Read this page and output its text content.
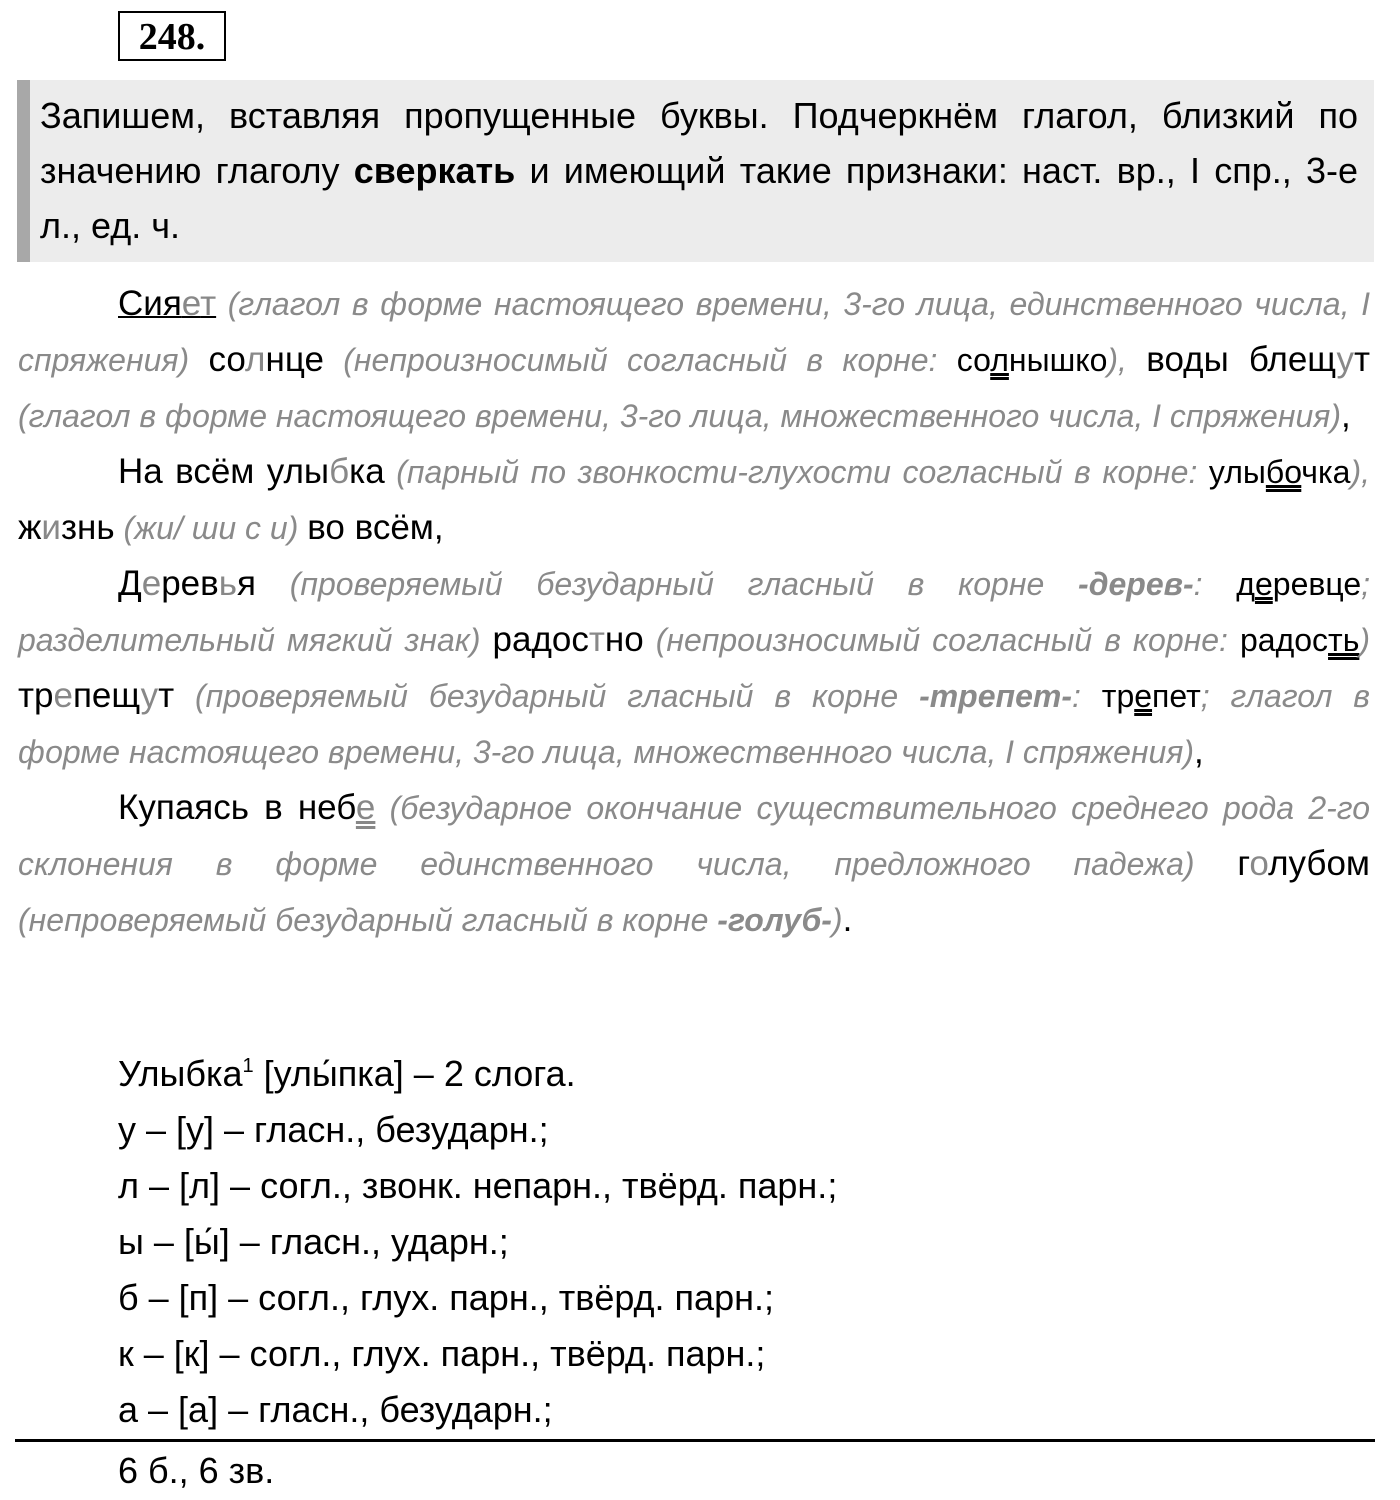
248.
Запишем, вставляя пропущенные буквы. Подчеркнём глагол, близкий по значению глаголу сверкать и имеющий такие признаки: наст. вр., I спр., 3-е л., ед. ч.

Сияет (глагол в форме настоящего времени, 3-го лица, единственного числа, I спряжения) солнце (непроизносимый согласный в корне: солнышко), воды блещут (глагол в форме настоящего времени, 3-го лица, множественного числа, I спряжения),

На всём улыбка (парный по звонкости-глухости согласный в корне: улыбочка), жизнь (жи/ ши с и) во всём,

Деревья (проверяемый безударный гласный в корне -дерев-: деревце; разделительный мягкий знак) радостно (непроизносимый согласный в корне: радость) трепещут (проверяемый безударный гласный в корне -трепет-: трепет; глагол в форме настоящего времени, 3-го лица, множественного числа, I спряжения),

Купаясь в небе (безударное окончание существительного среднего рода 2-го склонения в форме единственного числа, предложного падежа) голубом (непроверяемый безударный гласный в корне -голуб-).

Улыбка$^1$ [улы́пка] – 2 слога.
у – [у] – гласн., безударн.;
л – [л] – согл., звонк. непарн., твёрд. парн.;
ы – [ы́] – гласн., ударн.;
б – [п] – согл., глух. парн., твёрд. парн.;
к – [к] – согл., глух. парн., твёрд. парн.;
а – [а] – гласн., безударн.;
6 б., 6 зв.
